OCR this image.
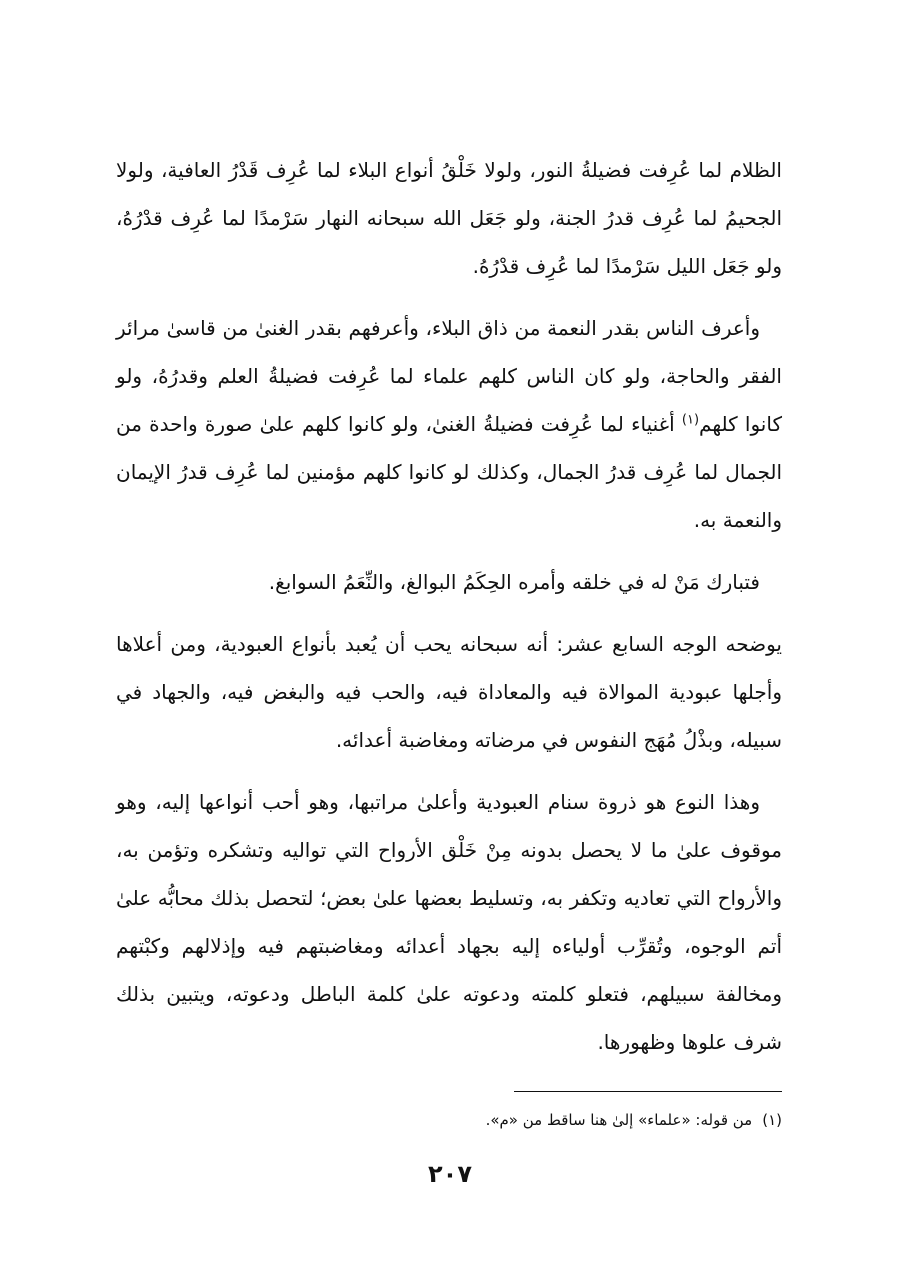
الظلام لما عُرِفت فضيلةُ النور، ولولا خَلْقُ أنواع البلاء لما عُرِف قَدْرُ العافية، ولولا الجحيمُ لما عُرِف قدرُ الجنة، ولو جَعَل الله سبحانه النهار سَرْمدًا لما عُرِف قدْرُهُ، ولو جَعَل الليل سَرْمدًا لما عُرِف قدْرُهُ.

وأعرف الناس بقدر النعمة من ذاق البلاء، وأعرفهم بقدر الغنىٰ من قاسىٰ مرائر الفقر والحاجة، ولو كان الناس كلهم علماء لما عُرِفت فضيلةُ العلم وقدرُهُ، ولو كانوا كلهم$^{(١)}$ أغنياء لما عُرِفت فضيلةُ الغنىٰ، ولو كانوا كلهم علىٰ صورة واحدة من الجمال لما عُرِف قدرُ الجمال، وكذلك لو كانوا كلهم مؤمنين لما عُرِف قدرُ الإيمان والنعمة به.

فتبارك مَنْ له في خلقه وأمره الحِكَمُ البوالغ، والنِّعَمُ السوابغ.

يوضحه الوجه السابع عشر: أنه سبحانه يحب أن يُعبد بأنواع العبودية، ومن أعلاها وأجلها عبودية الموالاة فيه والمعاداة فيه، والحب فيه والبغض فيه، والجهاد في سبيله، وبذْلُ مُهَج النفوس في مرضاته ومغاضبة أعدائه.

وهذا النوع هو ذروة سنام العبودية وأعلىٰ مراتبها، وهو أحب أنواعها إليه، وهو موقوف علىٰ ما لا يحصل بدونه مِنْ خَلْق الأرواح التي تواليه وتشكره وتؤمن به، والأرواح التي تعاديه وتكفر به، وتسليط بعضها علىٰ بعض؛ لتحصل بذلك محابُّه علىٰ أتم الوجوه، وتُقرِّب أولياءه إليه بجهاد أعدائه ومغاضبتهم فيه وإذلالهم وكبْتهم ومخالفة سبيلهم، فتعلو كلمته ودعوته علىٰ كلمة الباطل ودعوته، ويتبين بذلك شرف علوها وظهورها.

(١)من قوله: «علماء» إلىٰ هنا ساقط من «م».

٢٠٧
